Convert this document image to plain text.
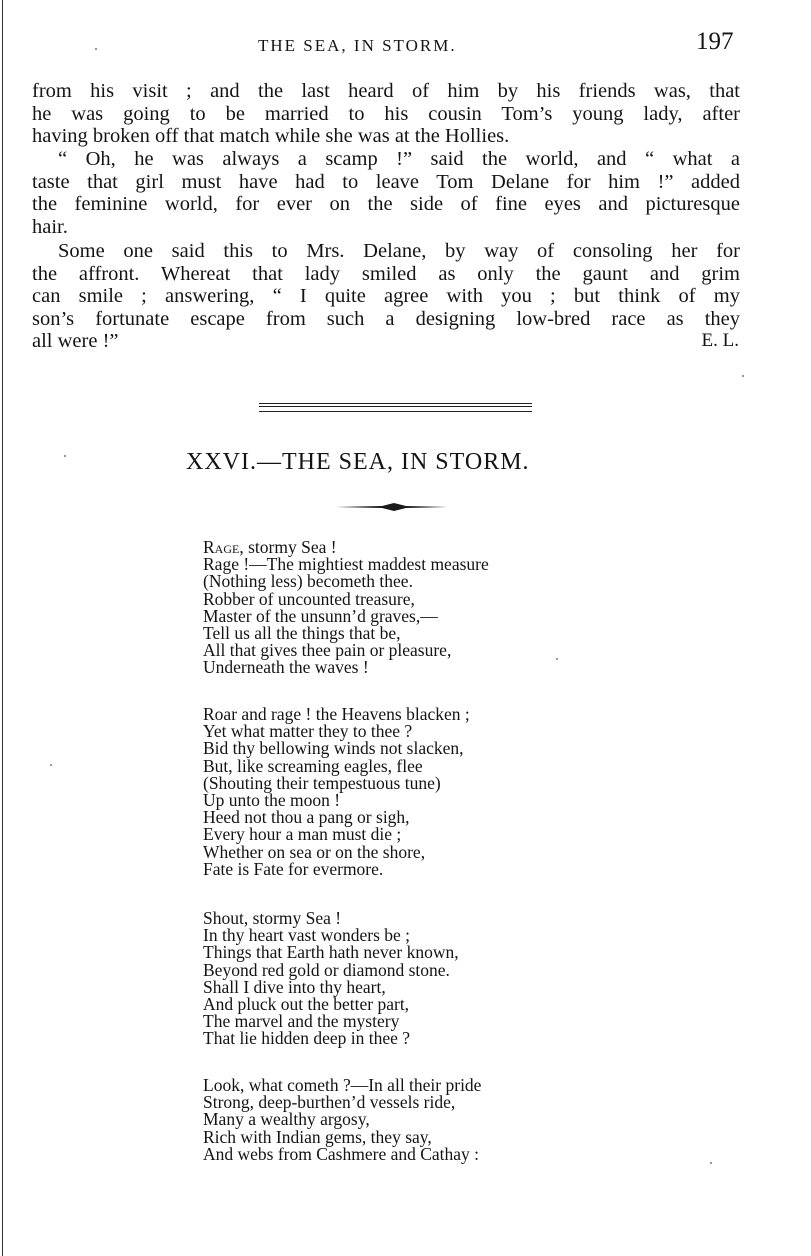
THE SEA, IN STORM.	197

from his visit ; and the last heard of him by his friends was, that

he was going to be married to his cousin Tom’s young lady, after

having broken off that match while she was at the Hollies.

“ Oh, he was always a scamp !” said the world, and “ what a

taste that girl must have had to leave Tom Delane for him !” added

the feminine world, for ever on the side of fine eyes and picturesque

hair.

Some one said this to Mrs. Delane, by way of consoling her for

the affront. Whereat that lady smiled as only the gaunt and grim

can smile ; answering, “ I quite agree with you ; but think of my

son’s fortunate escape from such a designing low-bred race as they

all were !”	E. L.
XXVI.—THE SEA, IN STORM.
Rage, stormy Sea !
Rage !—The mightiest maddest measure
(Nothing less) becometh thee.
Robber of uncounted treasure,
Master of the unsunn’d graves,—
Tell us all the things that be,
All that gives thee pain or pleasure,
Underneath the waves !
Roar and rage ! the Heavens blacken ;
Yet what matter they to thee ?
Bid thy bellowing winds not slacken,
But, like screaming eagles, flee
(Shouting their tempestuous tune)
Up unto the moon !
Heed not thou a pang or sigh,
Every hour a man must die ;
Whether on sea or on the shore,
Fate is Fate for evermore.
Shout, stormy Sea !
In thy heart vast wonders be ;
Things that Earth hath never known,
Beyond red gold or diamond stone.
Shall I dive into thy heart,
And pluck out the better part,
The marvel and the mystery
That lie hidden deep in thee ?
Look, what cometh ?—In all their pride
Strong, deep-burthen’d vessels ride,
Many a wealthy argosy,
Rich with Indian gems, they say,
And webs from Cashmere and Cathay :
